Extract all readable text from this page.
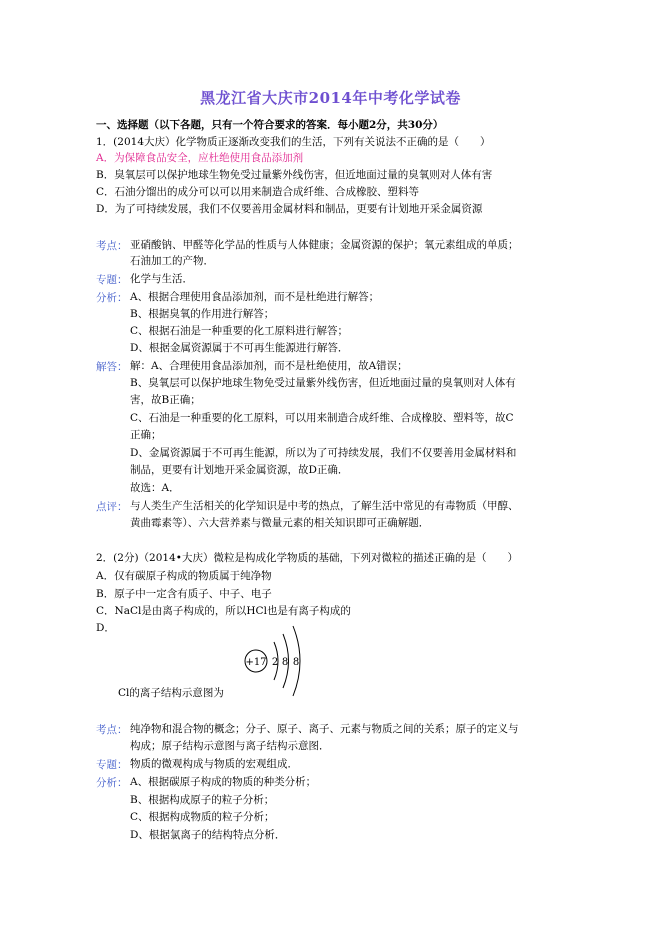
黑龙江省大庆市2014年中考化学试卷
一、选择题（以下各题，只有一个符合要求的答案．每小题2分，共30分）
1．(2014大庆）化学物质正逐渐改变我们的生活，下列有关说法不正确的是（　　）
A．为保障食品安全，应杜绝使用食品添加剂
B．臭氧层可以保护地球生物免受过量紫外线伤害，但近地面过量的臭氧则对人体有害
C．石油分馏出的成分可以可以用来制造合成纤维、合成橡胶、塑料等
D．为了可持续发展，我们不仅要善用金属材料和制品，更要有计划地开采金属资源
考点： 亚硝酸钠、甲醛等化学品的性质与人体健康；金属资源的保护；氧元素组成的单质；
石油加工的产物．
专题： 化学与生活．
分析： A、根据合理使用食品添加剂，而不是杜绝进行解答；
B、根据臭氧的作用进行解答；
C、根据石油是一种重要的化工原料进行解答；
D、根据金属资源属于不可再生能源进行解答．
解答： 解：A、合理使用食品添加剂，而不是杜绝使用，故A错误；
B、臭氧层可以保护地球生物免受过量紫外线伤害，但近地面过量的臭氧则对人体有
害，故B正确；
C、石油是一种重要的化工原料，可以用来制造合成纤维、合成橡胶、塑料等，故C
正确；
D、金属资源属于不可再生能源，所以为了可持续发展，我们不仅要善用金属材料和
制品，更要有计划地开采金属资源，故D正确．
故选：A．
点评： 与人类生产生活相关的化学知识是中考的热点，了解生活中常见的有毒物质（甲醇、
黄曲霉素等）、六大营养素与微量元素的相关知识即可正确解题．
2．(2分)（2014•大庆）微粒是构成化学物质的基础，下列对微粒的描述正确的是（　　）
A．仅有碳原子构成的物质属于纯净物
B．原子中一定含有质子、中子、电子
C．NaCl是由离子构成的，所以HCl也是有离子构成的
D．
+17 2 8 8
Cl的离子结构示意图为
考点： 纯净物和混合物的概念；分子、原子、离子、元素与物质之间的关系；原子的定义与
构成；原子结构示意图与离子结构示意图．
专题： 物质的微观构成与物质的宏观组成．
分析： A、根据碳原子构成的物质的种类分析；
B、根据构成原子的粒子分析；
C、根据构成物质的粒子分析；
D、根据氯离子的结构特点分析．
